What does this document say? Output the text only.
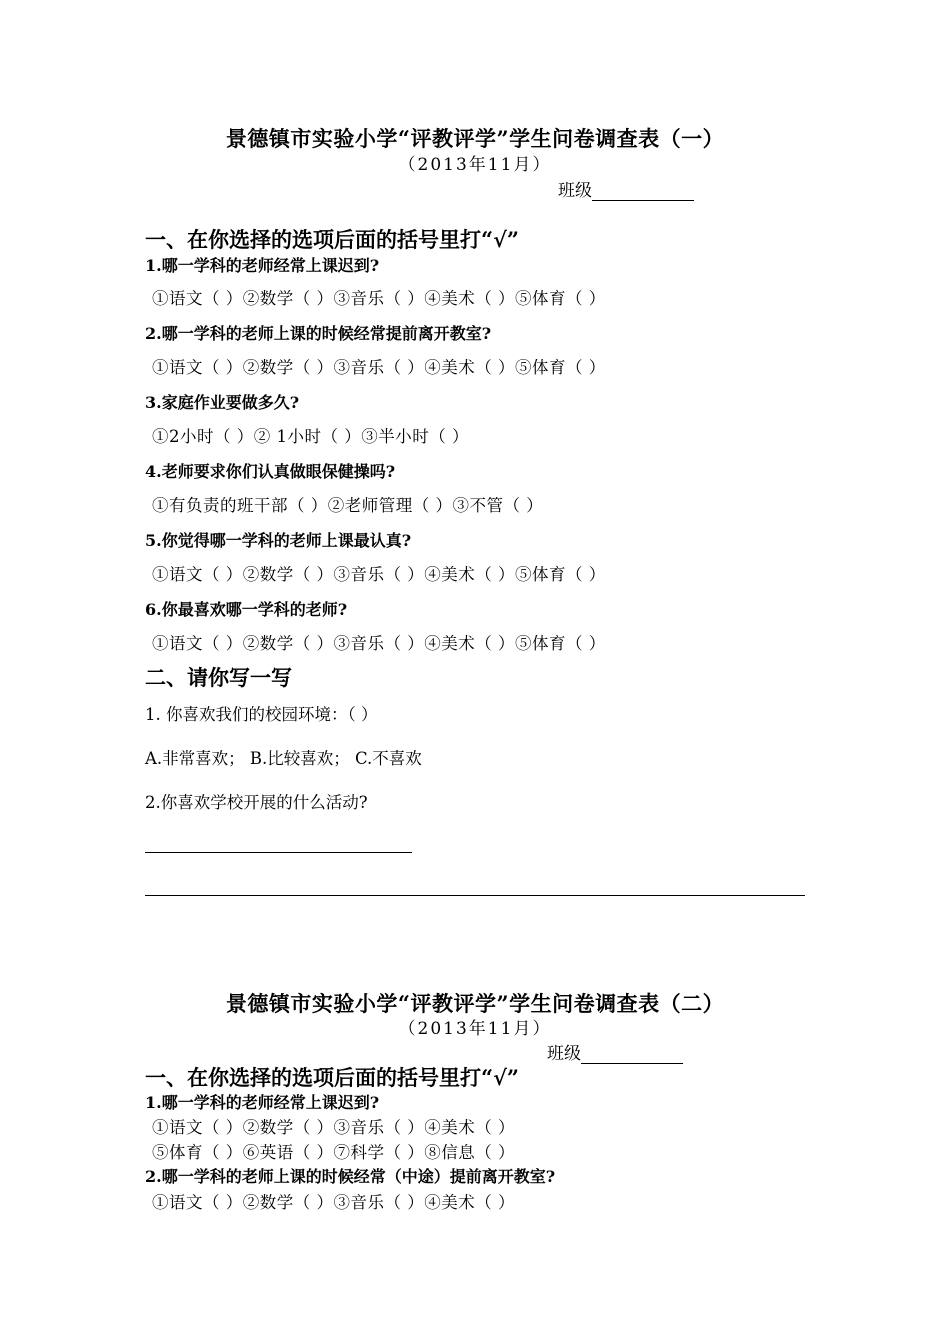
景德镇市实验小学“评教评学”学生问卷调查表（一）
（2013年11月）
班级
一、在你选择的选项后面的括号里打“√”
1.哪一学科的老师经常上课迟到?
①语文（ ）②数学（ ）③音乐（ ）④美术（ ）⑤体育（ ）
2.哪一学科的老师上课的时候经常提前离开教室?
①语文（ ）②数学（ ）③音乐（ ）④美术（ ）⑤体育（ ）
3.家庭作业要做多久?
①2小时（ ）② 1小时（ ）③半小时（ ）
4.老师要求你们认真做眼保健操吗?
①有负责的班干部（ ）②老师管理（ ）③不管（ ）
5.你觉得哪一学科的老师上课最认真?
①语文（ ）②数学（ ）③音乐（ ）④美术（ ）⑤体育（ ）
6.你最喜欢哪一学科的老师?
①语文（ ）②数学（ ）③音乐（ ）④美术（ ）⑤体育（ ）
二、请你写一写
1. 你喜欢我们的校园环境：（ ）
A.非常喜欢； B.比较喜欢； C.不喜欢
2.你喜欢学校开展的什么活动?
景德镇市实验小学“评教评学”学生问卷调查表（二）
（2013年11月）
班级
一、在你选择的选项后面的括号里打“√”
1.哪一学科的老师经常上课迟到?
①语文（ ）②数学（ ）③音乐（ ）④美术（ ）
⑤体育（ ）⑥英语（ ）⑦科学（ ）⑧信息（ ）
2.哪一学科的老师上课的时候经常（中途）提前离开教室?
①语文（ ）②数学（ ）③音乐（ ）④美术（ ）
